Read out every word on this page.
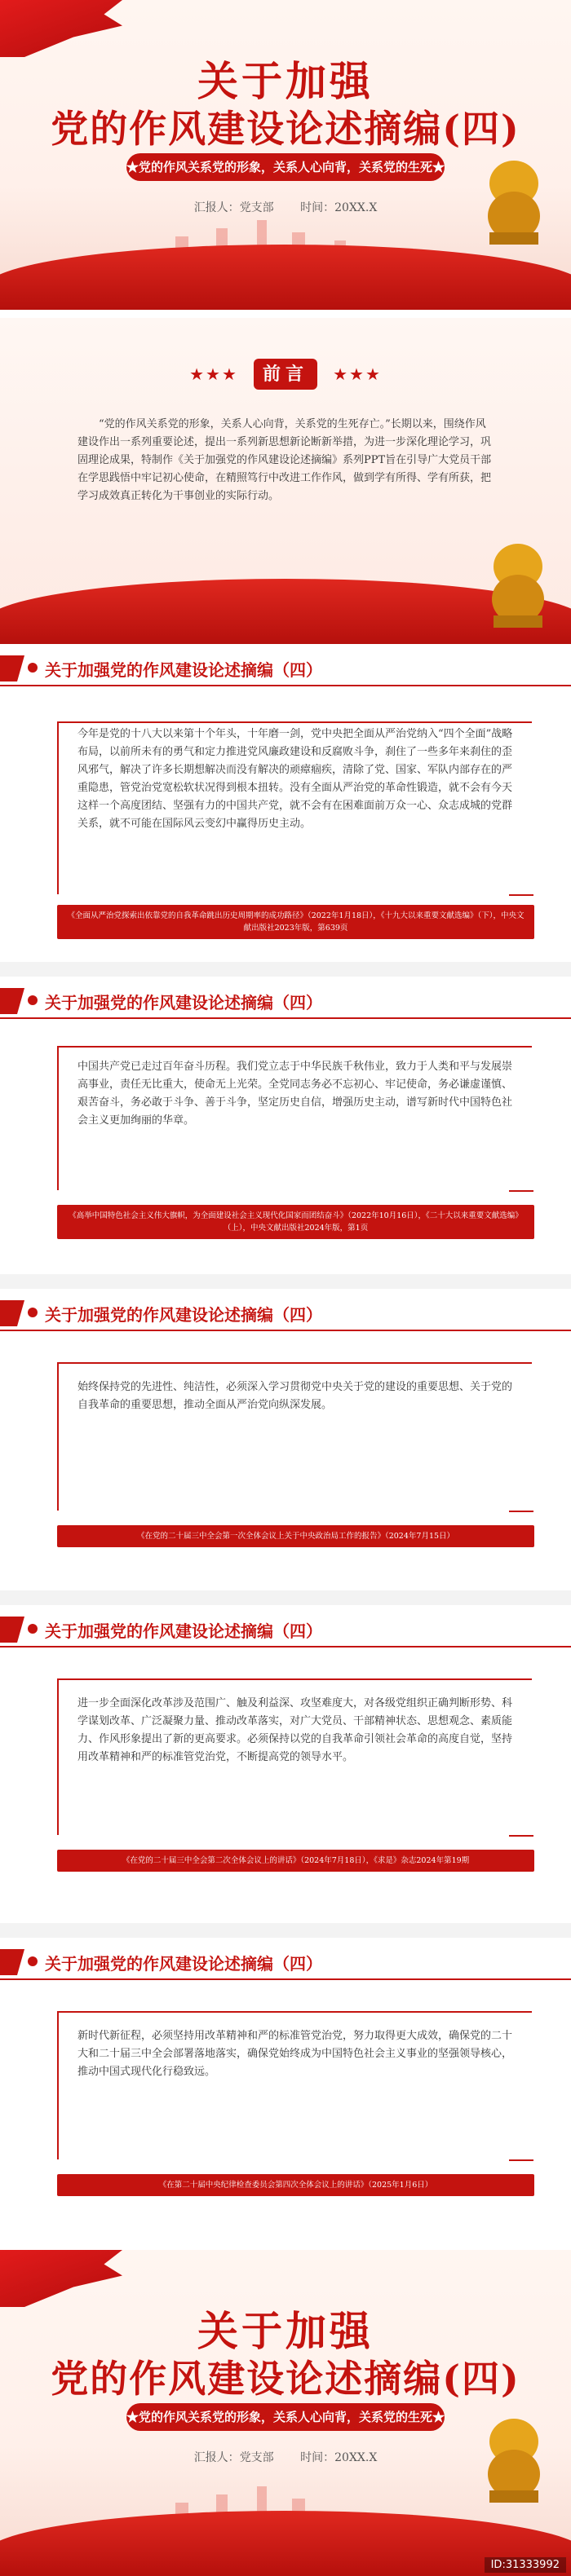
关于加强
党的作风建设论述摘编(四)
★党的作风关系党的形象，关系人心向背，关系党的生死★
汇报人：党支部 时间：20XX.X
★★★ 前言 ★★★

“党的作风关系党的形象，关系人心向背，关系党的生死存亡。”长期以来，围绕作风建设作出一系列重要论述，提出一系列新思想新论断新举措，为进一步深化理论学习，巩固理论成果，特制作《关于加强党的作风建设论述摘编》系列PPT旨在引导广大党员干部在学思践悟中牢记初心使命，在精照笃行中改进工作作风，做到学有所得、学有所获，把学习成效真正转化为干事创业的实际行动。

关于加强党的作风建设论述摘编（四）

今年是党的十八大以来第十个年头，十年磨一剑，党中央把全面从严治党纳入“四个全面”战略布局，以前所未有的勇气和定力推进党风廉政建设和反腐败斗争，刹住了一些多年来刹住的歪风邪气，解决了许多长期想解决而没有解决的顽瘴痼疾，清除了党、国家、军队内部存在的严重隐患，管党治党宽松软状况得到根本扭转。没有全面从严治党的革命性锻造，就不会有今天这样一个高度团结、坚强有力的中国共产党，就不会有在困难面前万众一心、众志成城的党群关系，就不可能在国际风云变幻中赢得历史主动。

《全面从严治党探索出依靠党的自我革命跳出历史周期率的成功路径》（2022年1月18日），《十九大以来重要文献选编》（下），中央文献出版社2023年版，第639页
关于加强党的作风建设论述摘编（四）

中国共产党已走过百年奋斗历程。我们党立志于中华民族千秋伟业，致力于人类和平与发展崇高事业，责任无比重大，使命无上光荣。全党同志务必不忘初心、牢记使命，务必谦虚谨慎、艰苦奋斗，务必敢于斗争、善于斗争，坚定历史自信，增强历史主动，谱写新时代中国特色社会主义更加绚丽的华章。

《高举中国特色社会主义伟大旗帜，为全面建设社会主义现代化国家而团结奋斗》（2022年10月16日），《二十大以来重要文献选编》（上），中央文献出版社2024年版，第1页
关于加强党的作风建设论述摘编（四）

始终保持党的先进性、纯洁性，必须深入学习贯彻党中央关于党的建设的重要思想、关于党的自我革命的重要思想，推动全面从严治党向纵深发展。

《在党的二十届三中全会第一次全体会议上关于中央政治局工作的报告》（2024年7月15日）
关于加强党的作风建设论述摘编（四）

进一步全面深化改革涉及范围广、触及利益深、攻坚难度大，对各级党组织正确判断形势、科学谋划改革、广泛凝聚力量、推动改革落实，对广大党员、干部精神状态、思想观念、素质能力、作风形象提出了新的更高要求。必须保持以党的自我革命引领社会革命的高度自觉，坚持用改革精神和严的标准管党治党，不断提高党的领导水平。

《在党的二十届三中全会第二次全体会议上的讲话》（2024年7月18日），《求是》杂志2024年第19期
关于加强党的作风建设论述摘编（四）

新时代新征程，必须坚持用改革精神和严的标准管党治党，努力取得更大成效，确保党的二十大和二十届三中全会部署落地落实，确保党始终成为中国特色社会主义事业的坚强领导核心，推动中国式现代化行稳致远。

《在第二十届中央纪律检查委员会第四次全体会议上的讲话》（2025年1月6日）
关于加强
党的作风建设论述摘编(四)
★党的作风关系党的形象，关系人心向背，关系党的生死★
汇报人：党支部 时间：20XX.X
ID:31333992
